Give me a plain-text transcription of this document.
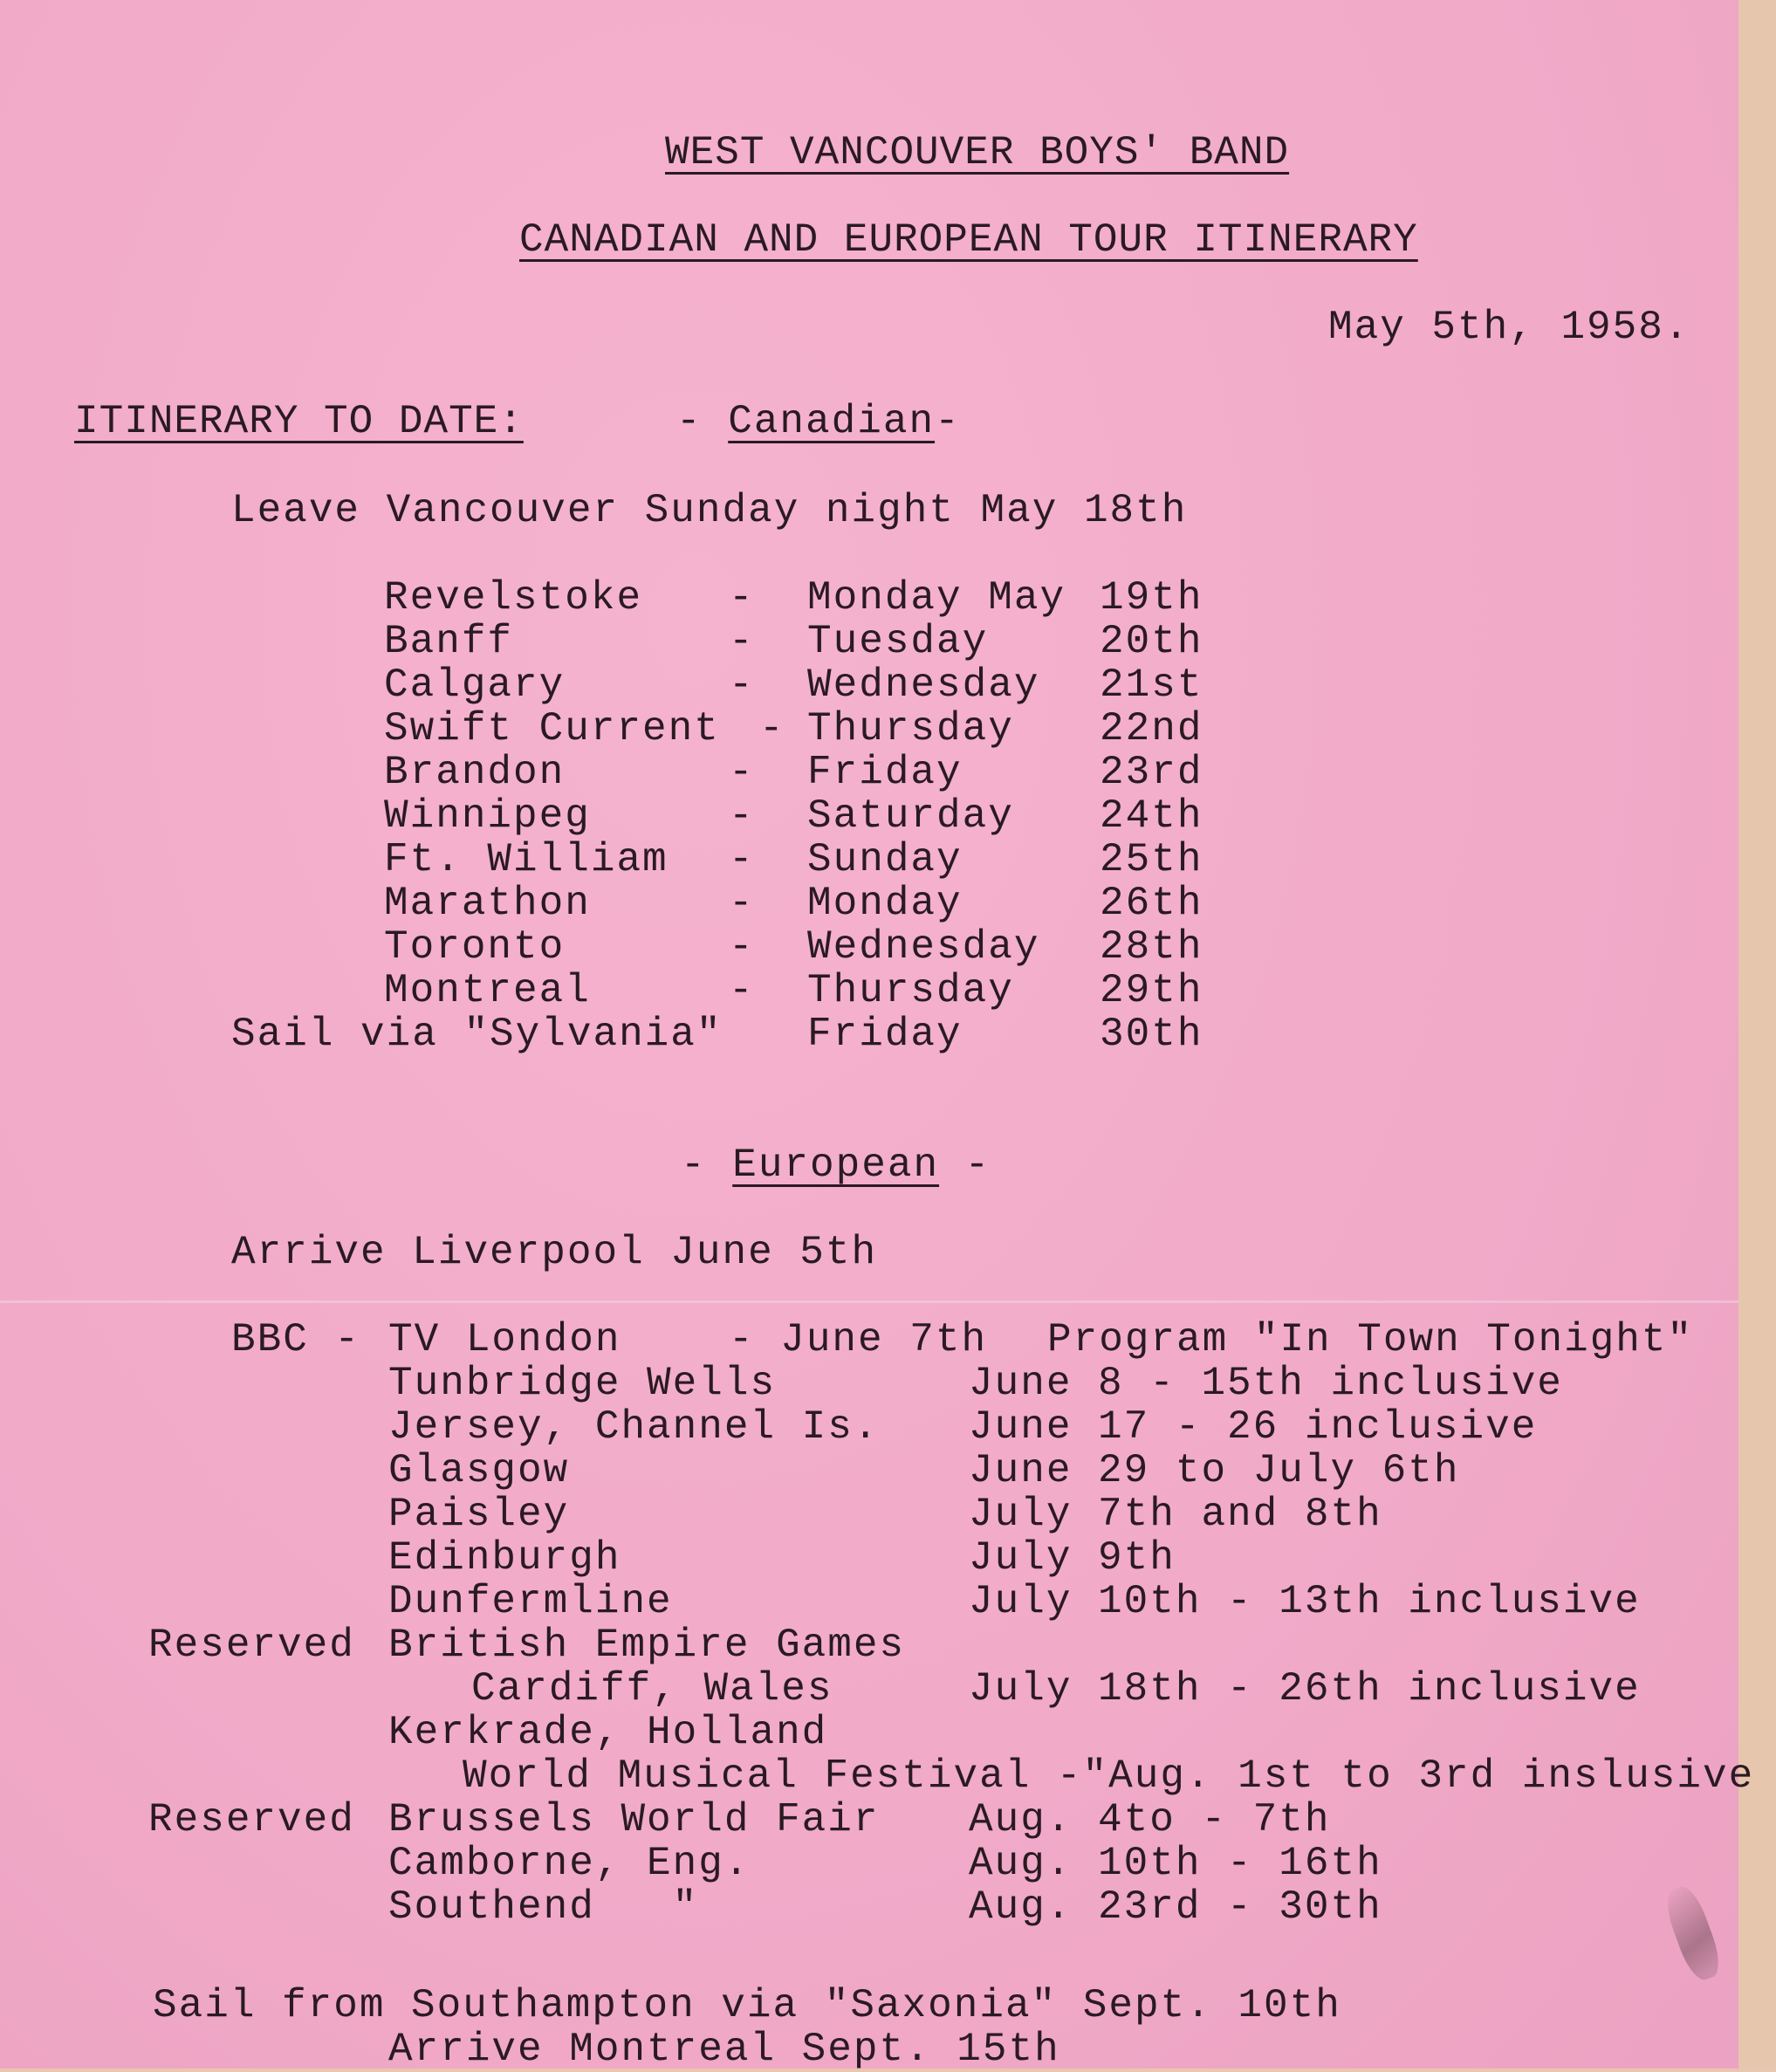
WEST VANCOUVER BOYS' BAND
CANADIAN AND EUROPEAN TOUR ITINERARY
May 5th, 1958.
ITINERARY TO DATE:	- Canadian-
Leave Vancouver Sunday night May 18th
Revelstoke - Monday May 19th
Banff	- Tuesday	20th
Calgary	- Wednesday 21st
Swift Current - Thursday 22nd
Brandon	- Friday	23rd
Winnipeg	- Saturday 24th
Ft. William - Sunday	25th
Marathon	- Monday	26th
Toronto	- Wednesday 28th
Montreal	- Thursday 29th
Sail via "Sylvania" Friday	30th
- European -
Arrive Liverpool June 5th
BBC - TV London	- June 7th Program "In Town Tonight"
Tunbridge Wells	June 8 - 15th inclusive
Jersey, Channel Is. June 17 - 26 inclusive
Glasgow	June 29 to July 6th
Paisley	July 7th and 8th
Edinburgh	July 9th
Dunfermline	July 10th - 13th inclusive
Reserved British Empire Games
Cardiff, Wales	July 18th - 26th inclusive
Kerkrade, Holland
World Musical Festival -"Aug. 1st to 3rd inslusive
Reserved Brussels World Fair Aug. 4to - 7th
Camborne, Eng.	Aug. 10th - 16th
Southend   "	Aug. 23rd - 30th
Sail from Southampton via "Saxonia" Sept. 10th
Arrive Montreal Sept. 15th
